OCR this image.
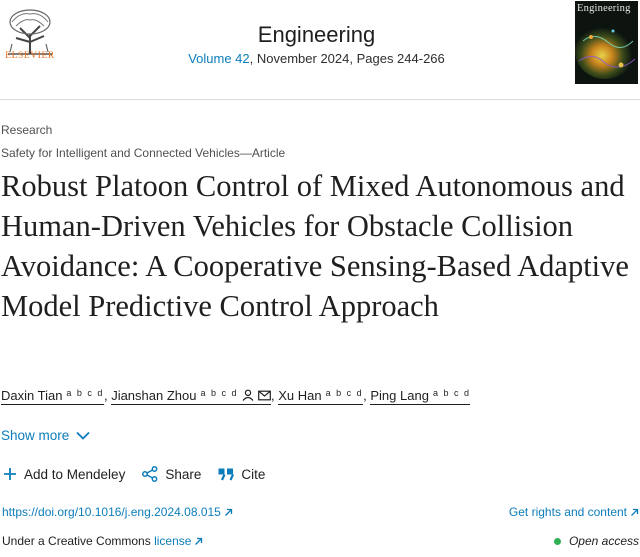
ELSEVIER
Engineering
Volume 42, November 2024, Pages 244-266
Engineering
Research
Safety for Intelligent and Connected Vehicles—Article
Robust Platoon Control of Mixed Autonomous and Human-Driven Vehicles for Obstacle Collision Avoidance: A Cooperative Sensing-Based Adaptive Model Predictive Control Approach
Daxin Tian $^{a b c d}$, Jianshan Zhou $^{a b c d}$	, Xu Han $^{a b c d}$, Ping Lang $^{a b c d}$
Show more
Add to Mendeley	Share	Cite
https://doi.org/10.1016/j.eng.2024.08.015	Get rights and content
Under a Creative Commons license	Open access
